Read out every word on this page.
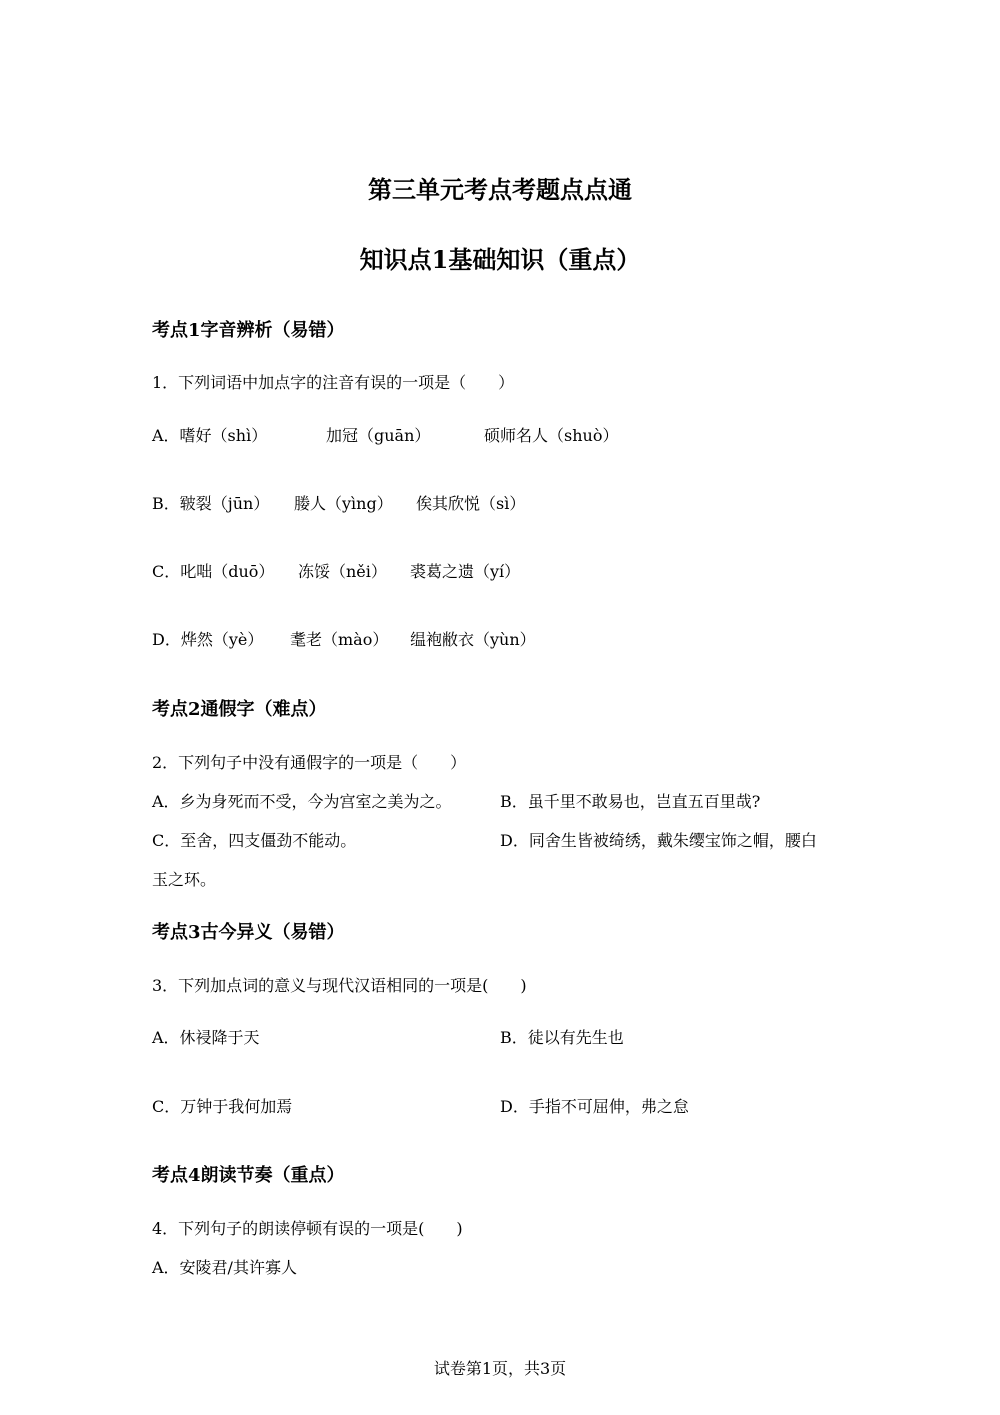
第三单元考点考题点点通
知识点1基础知识（重点）
考点1字音辨析（易错）
1．下列词语中加点字的注音有误的一项是（　　）
A．嗜好（shì）	加冠（guān）	硕师名人（shuò）
B．皲裂（jūn） 媵人（yìng） 俟其欣悦（sì）
C．叱咄（duō） 冻馁（něi） 裘葛之遗（yí）
D．烨然（yè） 耄老（mào） 缊袍敝衣（yùn）
考点2通假字（难点）
2．下列句子中没有通假字的一项是（　　）
A．乡为身死而不受，今为宫室之美为之。	B．虽千里不敢易也，岂直五百里哉?
C．至舍，四支僵劲不能动。	D．同舍生皆被绮绣，戴朱缨宝饰之帽，腰白
玉之环。
考点3古今异义（易错）
3．下列加点词的意义与现代汉语相同的一项是(　　)
A．休祲降于天	B．徒以有先生也
C．万钟于我何加焉	D．手指不可屈伸，弗之怠
考点4朗读节奏（重点）
4．下列句子的朗读停顿有误的一项是(　　)
A．安陵君/其许寡人
试卷第1页，共3页
